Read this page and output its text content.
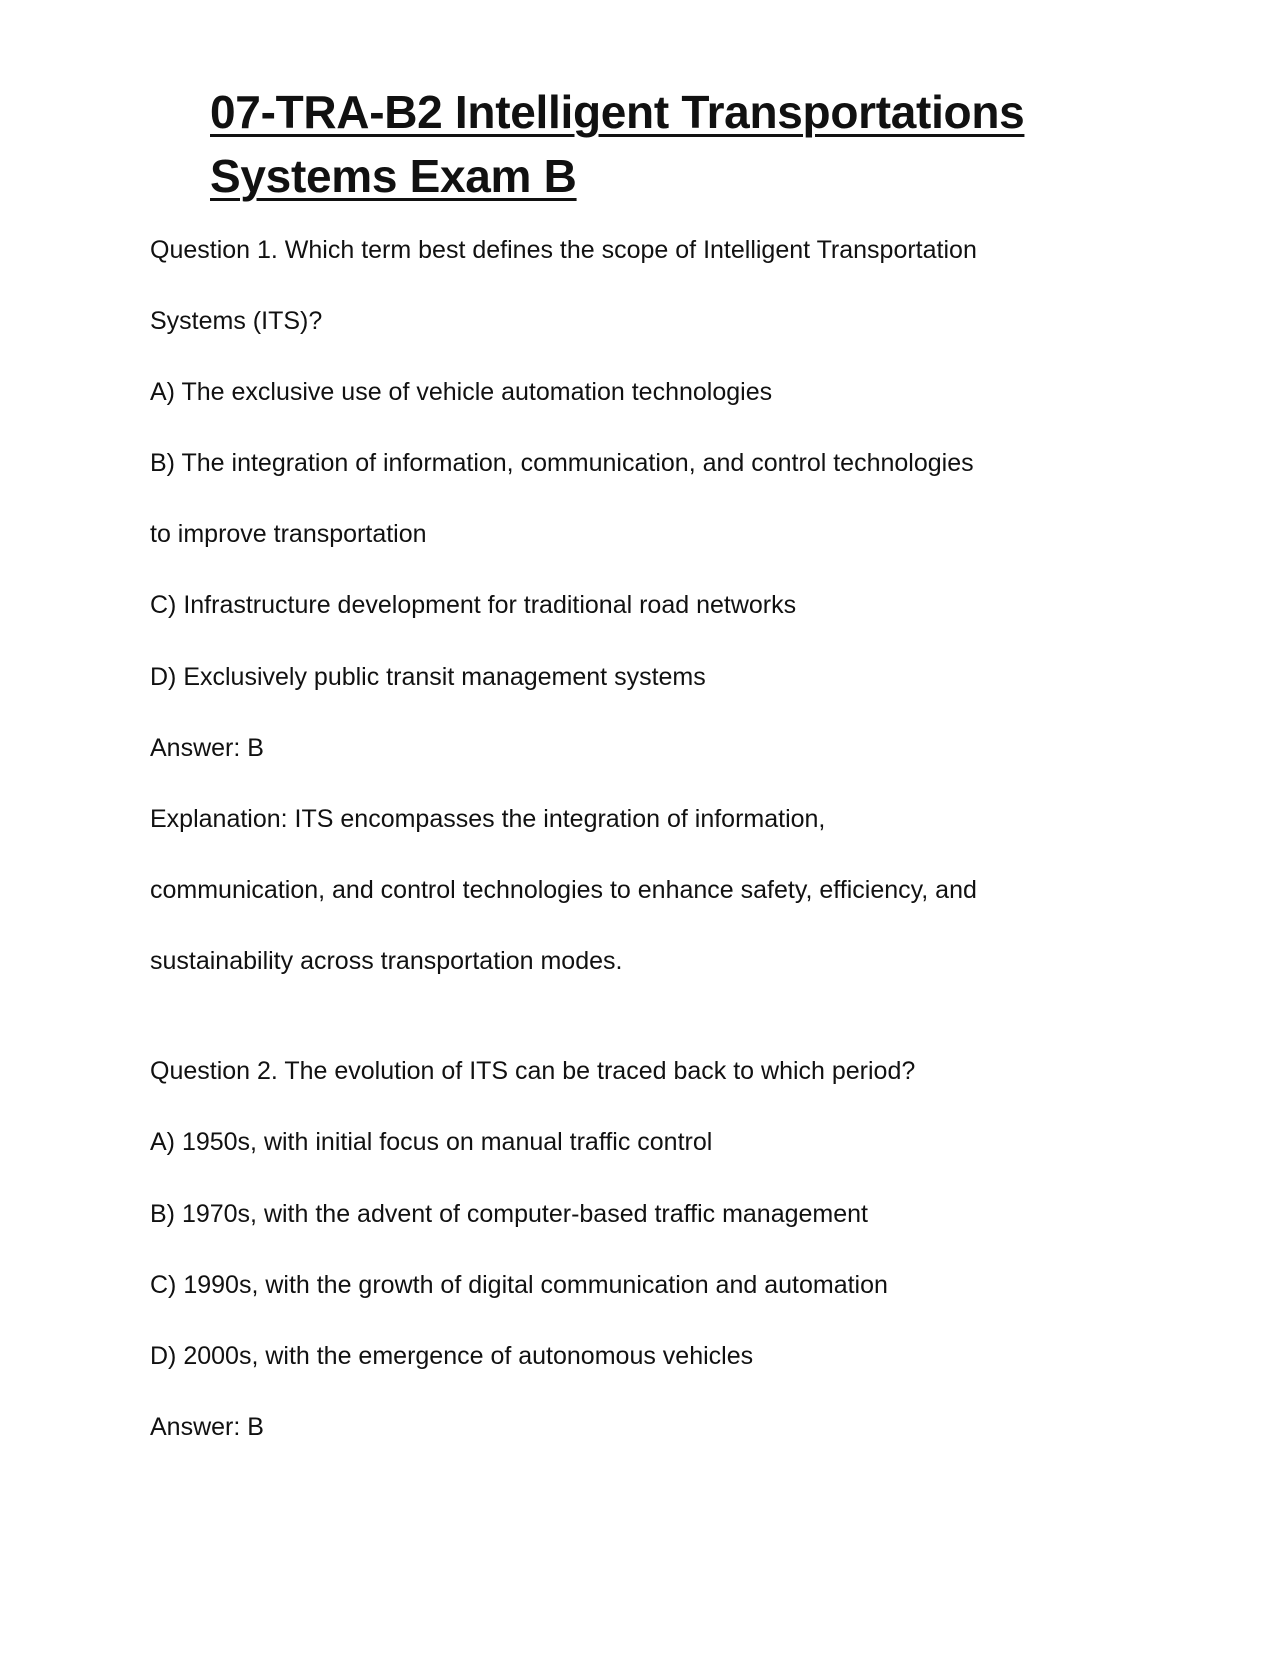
07-TRA-B2 Intelligent Transportations
Systems Exam B
Question 1. Which term best defines the scope of Intelligent Transportation
Systems (ITS)?
A) The exclusive use of vehicle automation technologies
B) The integration of information, communication, and control technologies
to improve transportation
C) Infrastructure development for traditional road networks
D) Exclusively public transit management systems
Answer: B
Explanation: ITS encompasses the integration of information,
communication, and control technologies to enhance safety, efficiency, and
sustainability across transportation modes.
Question 2. The evolution of ITS can be traced back to which period?
A) 1950s, with initial focus on manual traffic control
B) 1970s, with the advent of computer-based traffic management
C) 1990s, with the growth of digital communication and automation
D) 2000s, with the emergence of autonomous vehicles
Answer: B
